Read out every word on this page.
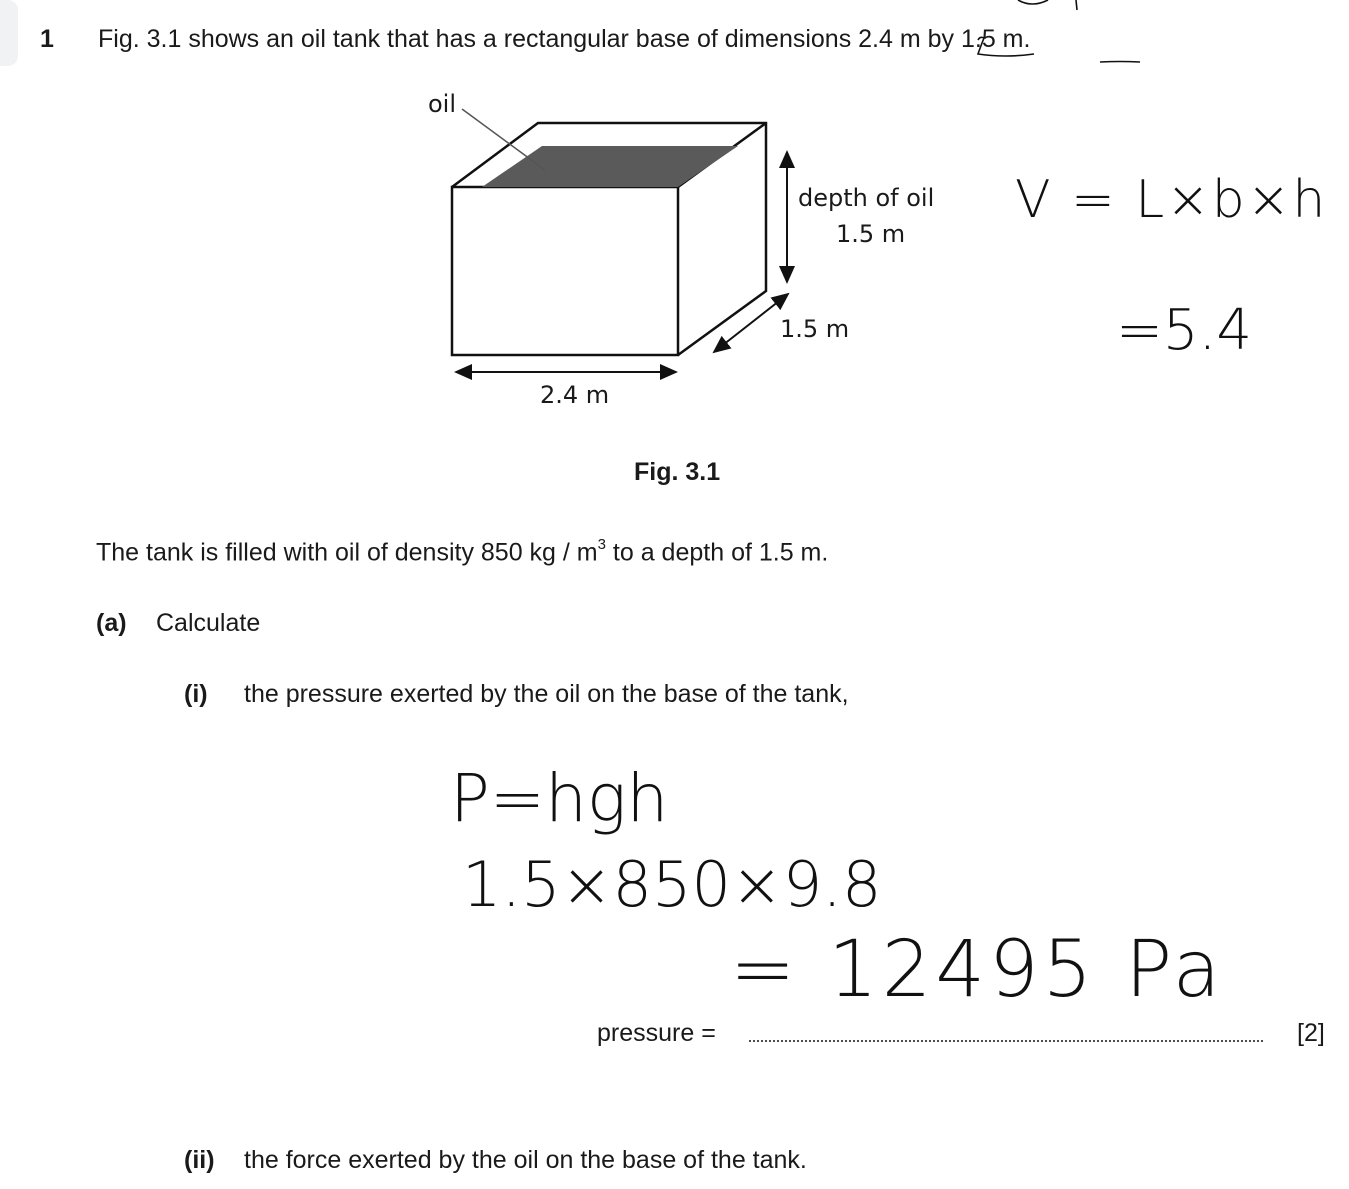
1 Fig. 3.1 shows an oil tank that has a rectangular base of dimensions 2.4 m by 1.5 m.
oil
depth of oil
1.5 m
1.5 m
2.4 m
Fig. 3.1
V = L×b×h
=5.4
The tank is filled with oil of density 850 kg / $m^3$ to a depth of 1.5 m.
(a) Calculate
(i) the pressure exerted by the oil on the base of the tank,
P=hgh
1.5×850×9.8
= 12495 Pa
pressure =	[2]
(ii) the force exerted by the oil on the base of the tank.
